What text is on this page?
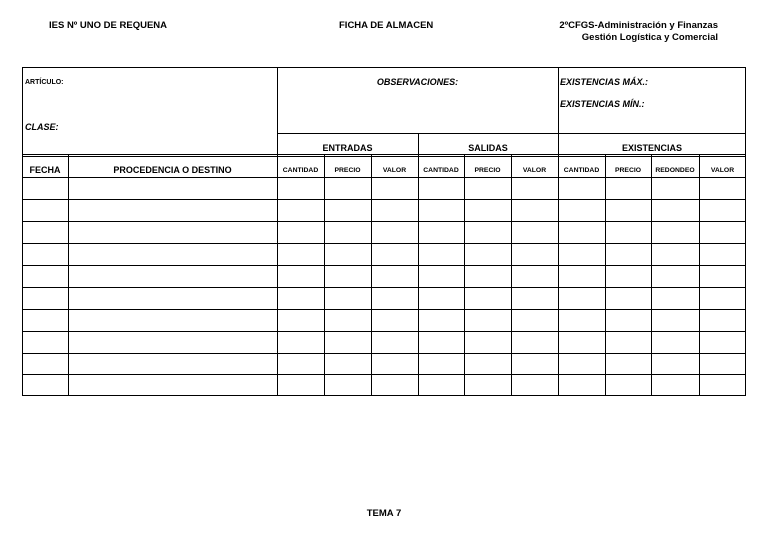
IES Nº UNO DE REQUENA	FICHA DE ALMACEN	2ºCFGS-Administración y Finanzas
Gestión Logística y Comercial
ARTÍCULO:
CLASE:
OBSERVACIONES:	EXISTENCIAS MÁX.:
EXISTENCIAS MÍN.:
ENTRADAS	SALIDAS	EXISTENCIAS
FECHA	PROCEDENCIA O DESTINO	CANTIDAD	PRECIO	VALOR	CANTIDAD	PRECIO	VALOR	CANTIDAD	PRECIO	REDONDEO	VALOR
TEMA 7
